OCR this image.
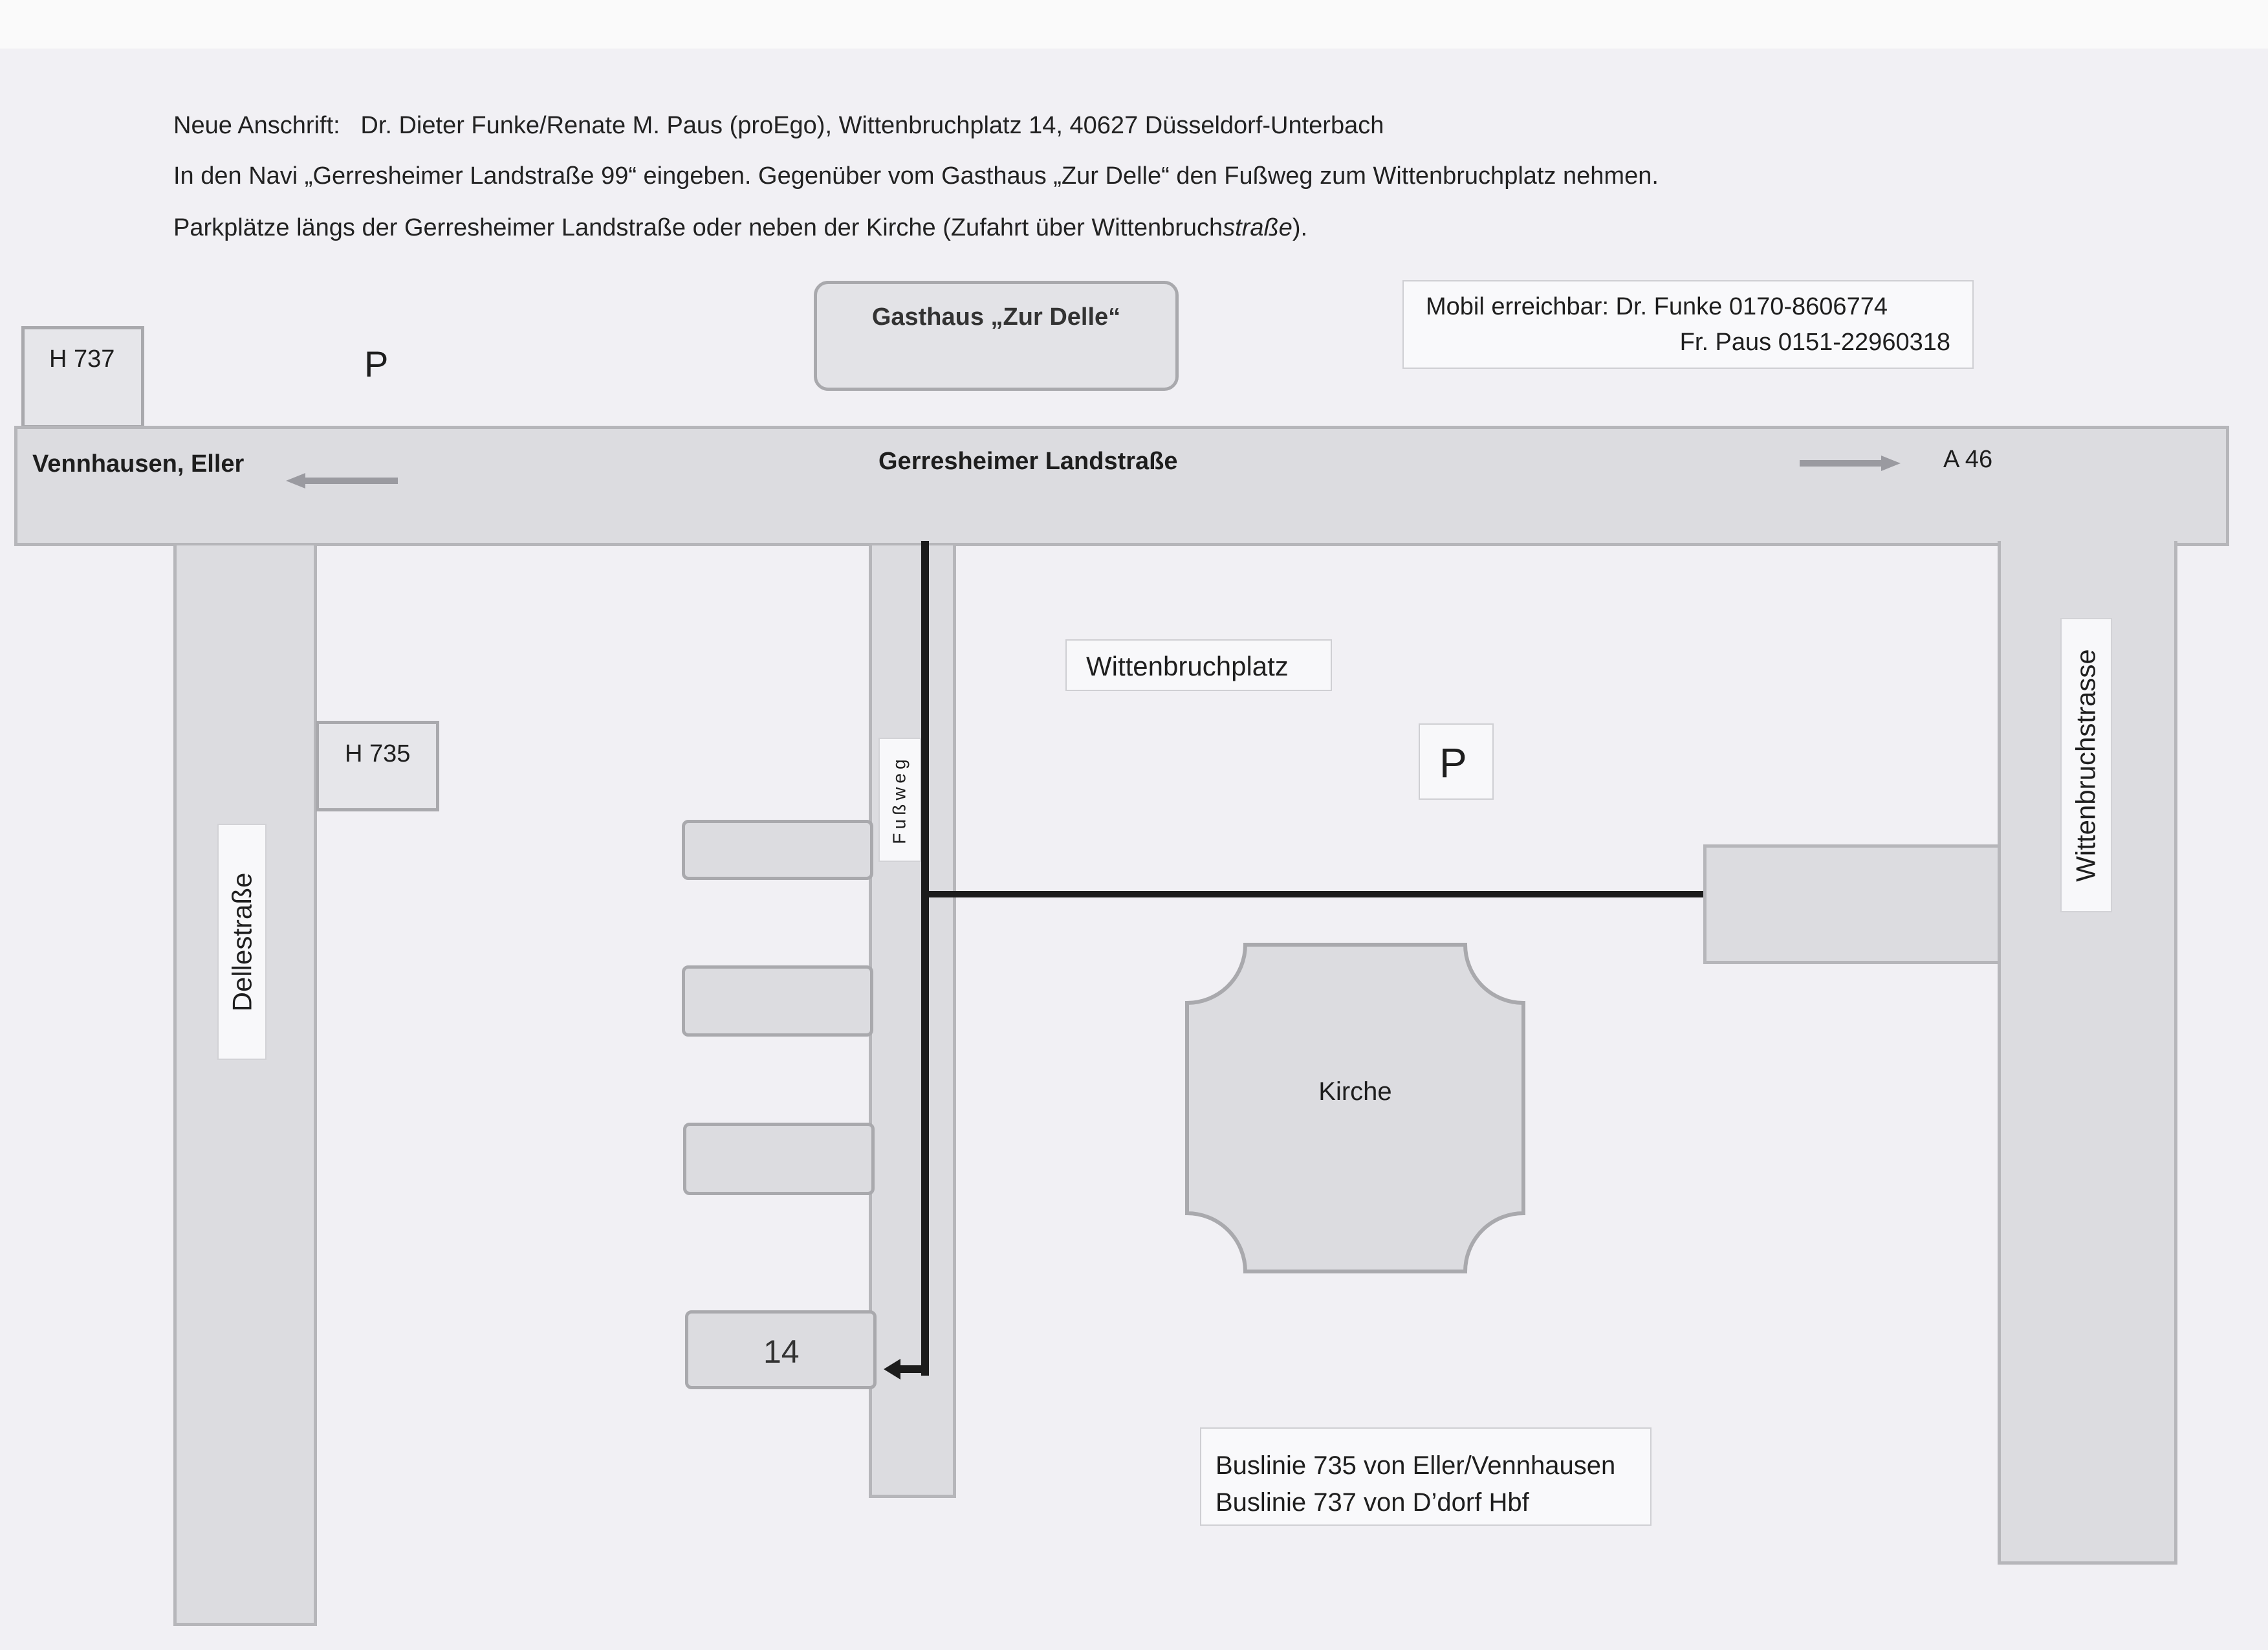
Neue Anschrift: Dr. Dieter Funke/Renate M. Paus (proEgo), Wittenbruchplatz 14, 40627 Düsseldorf-Unterbach
In den Navi „Gerresheimer Landstraße 99“ eingeben. Gegenüber vom Gasthaus „Zur Delle“ den Fußweg zum Wittenbruchplatz nehmen.
Parkplätze längs der Gerresheimer Landstraße oder neben der Kirche (Zufahrt über Wittenbruchstraße).
H 737	P
Gasthaus „Zur Delle“	Mobil erreichbar: Dr. Funke 0170-8606774
Fr. Paus 0151-22960318
Vennhausen, Eller	Gerresheimer Landstraße	A 46
Dellestraße
H 735
Fußweg
14
Wittenbruchplatz
P
Kirche
Wittenbruchstrasse
Buslinie 735 von Eller/Vennhausen
Buslinie 737 von D’dorf Hbf
